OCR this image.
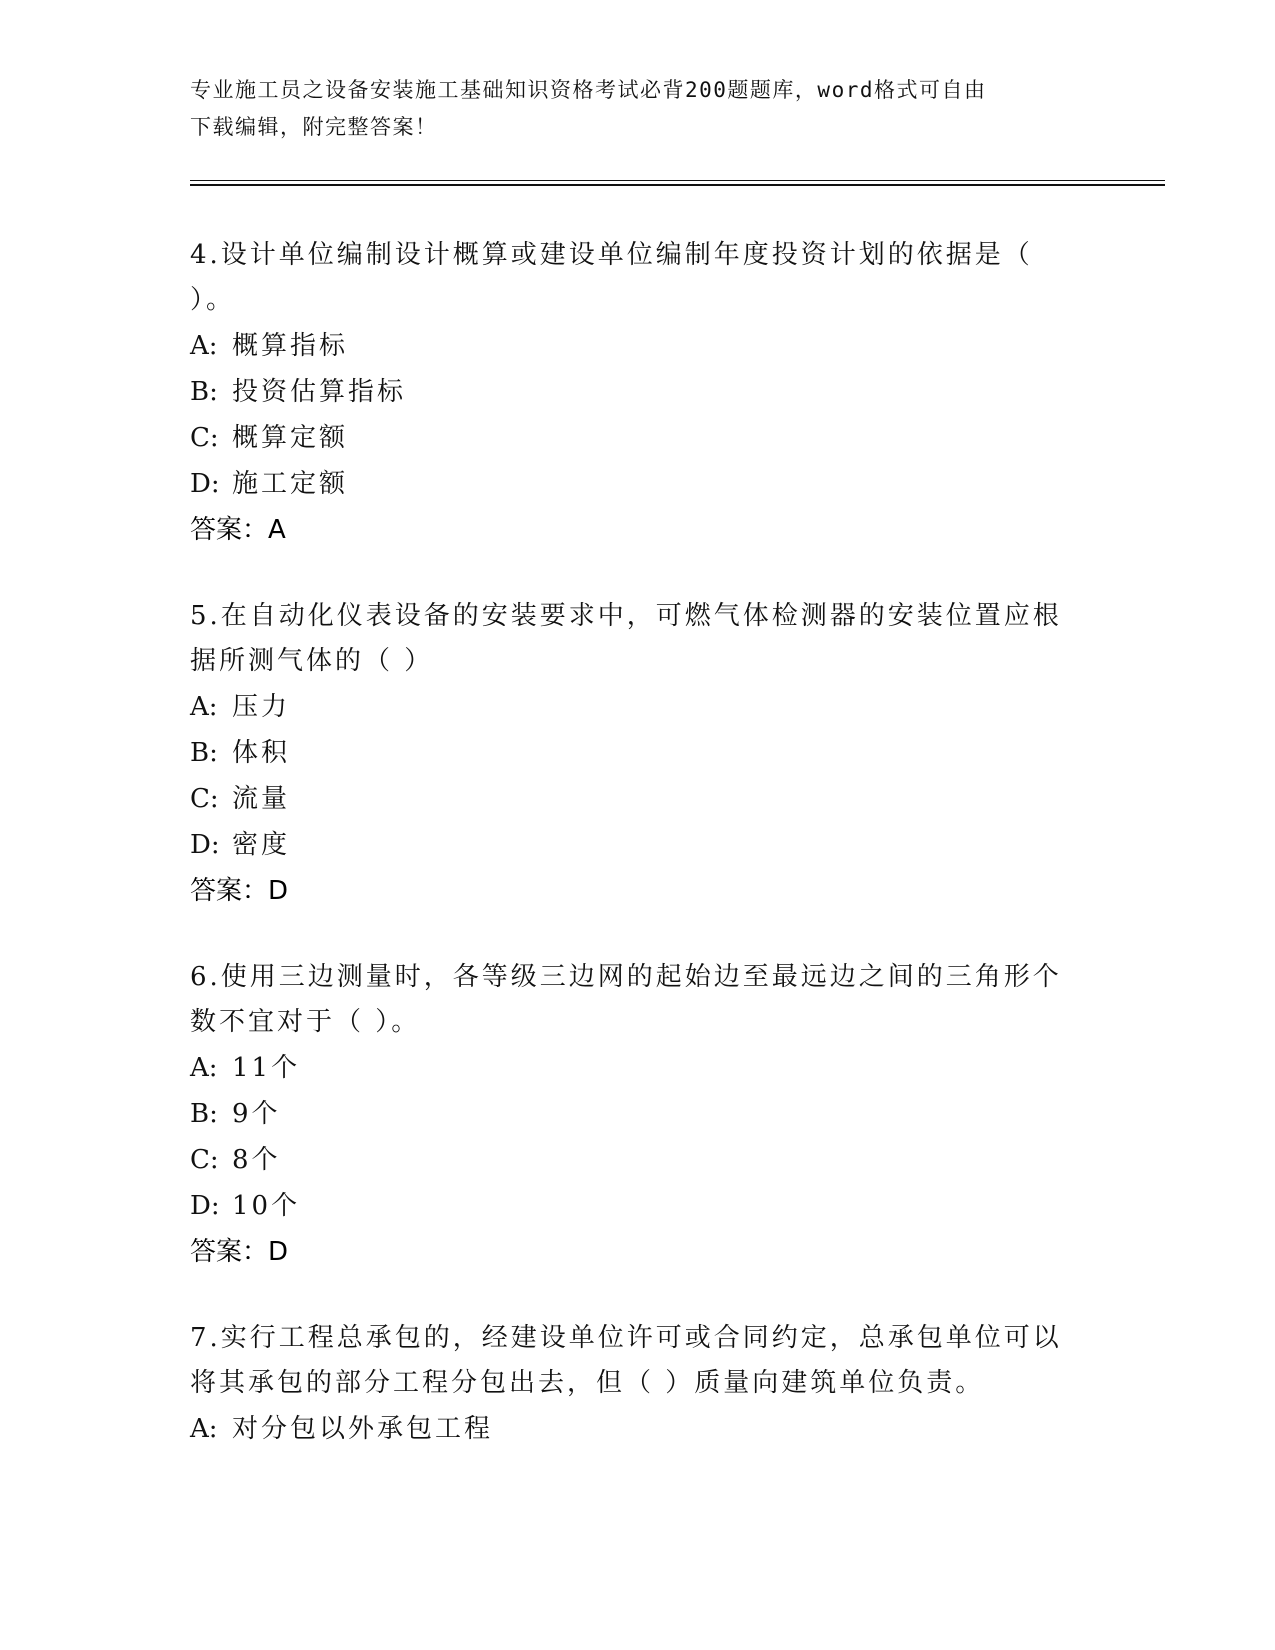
专业施工员之设备安装施工基础知识资格考试必背200题题库，word格式可自由
下载编辑，附完整答案！
4.设计单位编制设计概算或建设单位编制年度投资计划的依据是（ ）。
A: 概算指标
B: 投资估算指标
C: 概算定额
D: 施工定额
答案：A
5.在自动化仪表设备的安装要求中，可燃气体检测器的安装位置应根据所测气体的（ ）
A: 压力
B: 体积
C: 流量
D: 密度
答案：D
6.使用三边测量时，各等级三边网的起始边至最远边之间的三角形个数不宜对于（ ）。
A: 11个
B: 9个
C: 8个
D: 10个
答案：D
7.实行工程总承包的，经建设单位许可或合同约定，总承包单位可以将其承包的部分工程分包出去，但（ ）质量向建筑单位负责。
A: 对分包以外承包工程
